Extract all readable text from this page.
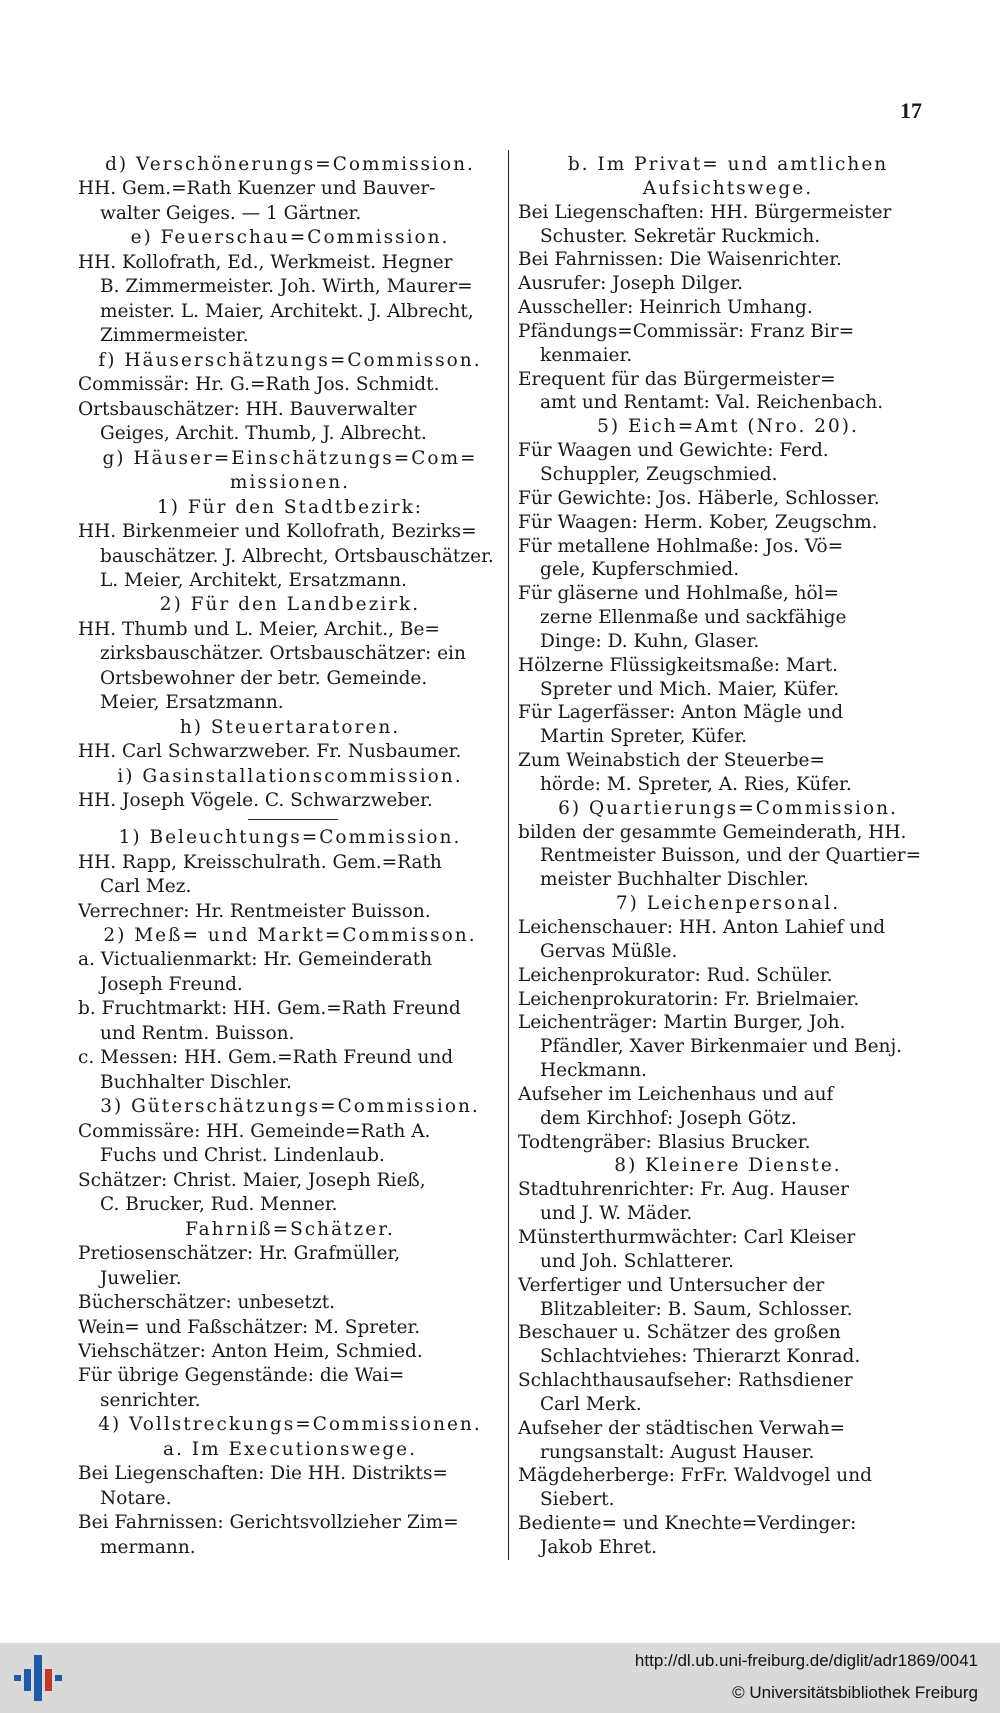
17
d) Verschönerungs=Commission.
HH. Gem.=Rath Kuenzer und Bauver-
walter Geiges. — 1 Gärtner.
e) Feuerschau=Commission.
HH. Kollofrath, Ed., Werkmeist. Hegner
B. Zimmermeister. Joh. Wirth, Maurer=
meister. L. Maier, Architekt. J. Albrecht,
Zimmermeister.
f) Häuserschätzungs=Commisson.
Commissär: Hr. G.=Rath Jos. Schmidt.
Ortsbauschätzer: HH. Bauverwalter
Geiges, Archit. Thumb, J. Albrecht.
g) Häuser=Einschätzungs=Com=
missionen.
1) Für den Stadtbezirk:
HH. Birkenmeier und Kollofrath, Bezirks=
bauschätzer. J. Albrecht, Ortsbauschätzer.
L. Meier, Architekt, Ersatzmann.
2) Für den Landbezirk.
HH. Thumb und L. Meier, Archit., Be=
zirksbauschätzer. Ortsbauschätzer: ein
Ortsbewohner der betr. Gemeinde.
Meier, Ersatzmann.
h) Steuertaratoren.
HH. Carl Schwarzweber. Fr. Nusbaumer.
i) Gasinstallationscommission.
HH. Joseph Vögele. C. Schwarzweber.
1) Beleuchtungs=Commission.
HH. Rapp, Kreisschulrath. Gem.=Rath
Carl Mez.
Verrechner: Hr. Rentmeister Buisson.
2) Meß= und Markt=Commisson.
a. Victualienmarkt: Hr. Gemeinderath
Joseph Freund.
b. Fruchtmarkt: HH. Gem.=Rath Freund
und Rentm. Buisson.
c. Messen: HH. Gem.=Rath Freund und
Buchhalter Dischler.
3) Güterschätzungs=Commission.
Commissäre: HH. Gemeinde=Rath A.
Fuchs und Christ. Lindenlaub.
Schätzer: Christ. Maier, Joseph Rieß,
C. Brucker, Rud. Menner.
Fahrniß=Schätzer.
Pretiosenschätzer: Hr. Grafmüller,
Juwelier.
Bücherschätzer: unbesetzt.
Wein= und Faßschätzer: M. Spreter.
Viehschätzer: Anton Heim, Schmied.
Für übrige Gegenstände: die Wai=
senrichter.
4) Vollstreckungs=Commissionen.
a. Im Executionswege.
Bei Liegenschaften: Die HH. Distrikts=
Notare.
Bei Fahrnissen: Gerichtsvollzieher Zim=
mermann.
b. Im Privat= und amtlichen
Aufsichtswege.
Bei Liegenschaften: HH. Bürgermeister
Schuster. Sekretär Ruckmich.
Bei Fahrnissen: Die Waisenrichter.
Ausrufer: Joseph Dilger.
Ausscheller: Heinrich Umhang.
Pfändungs=Commissär: Franz Bir=
kenmaier.
Erequent für das Bürgermeister=
amt und Rentamt: Val. Reichenbach.
5) Eich=Amt (Nro. 20).
Für Waagen und Gewichte: Ferd.
Schuppler, Zeugschmied.
Für Gewichte: Jos. Häberle, Schlosser.
Für Waagen: Herm. Kober, Zeugschm.
Für metallene Hohlmaße: Jos. Vö=
gele, Kupferschmied.
Für gläserne und Hohlmaße, höl=
zerne Ellenmaße und sackfähige
Dinge: D. Kuhn, Glaser.
Hölzerne Flüssigkeitsmaße: Mart.
Spreter und Mich. Maier, Küfer.
Für Lagerfässer: Anton Mägle und
Martin Spreter, Küfer.
Zum Weinabstich der Steuerbe=
hörde: M. Spreter, A. Ries, Küfer.
6) Quartierungs=Commission.
bilden der gesammte Gemeinderath, HH.
Rentmeister Buisson, und der Quartier=
meister Buchhalter Dischler.
7) Leichenpersonal.
Leichenschauer: HH. Anton Lahief und
Gervas Müßle.
Leichenprokurator: Rud. Schüler.
Leichenprokuratorin: Fr. Brielmaier.
Leichenträger: Martin Burger, Joh.
Pfändler, Xaver Birkenmaier und Benj.
Heckmann.
Aufseher im Leichenhaus und auf
dem Kirchhof: Joseph Götz.
Todtengräber: Blasius Brucker.
8) Kleinere Dienste.
Stadtuhrenrichter: Fr. Aug. Hauser
und J. W. Mäder.
Münsterthurmwächter: Carl Kleiser
und Joh. Schlatterer.
Verfertiger und Untersucher der
Blitzableiter: B. Saum, Schlosser.
Beschauer u. Schätzer des großen
Schlachtviehes: Thierarzt Konrad.
Schlachthausaufseher: Rathsdiener
Carl Merk.
Aufseher der städtischen Verwah=
rungsanstalt: August Hauser.
Mägdeherberge: FrFr. Waldvogel und
Siebert.
Bediente= und Knechte=Verdinger:
Jakob Ehret.
http://dl.ub.uni-freiburg.de/diglit/adr1869/0041
© Universitätsbibliothek Freiburg
